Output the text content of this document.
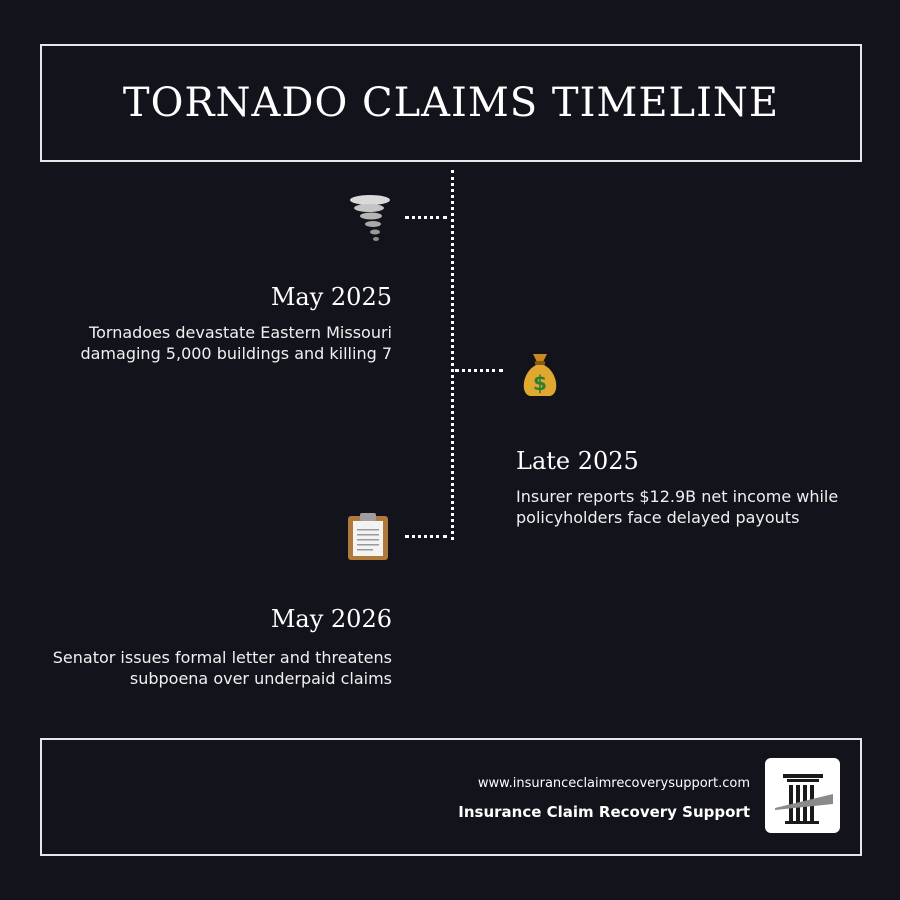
TORNADO CLAIMS TIMELINE
May 2025
Tornadoes devastate Eastern Missouri
damaging 5,000 buildings and killing 7
$
Late 2025
Insurer reports $12.9B net income while
policyholders face delayed payouts
May 2026
Senator issues formal letter and threatens
subpoena over underpaid claims
www.insuranceclaimrecoverysupport.com
Insurance Claim Recovery Support
